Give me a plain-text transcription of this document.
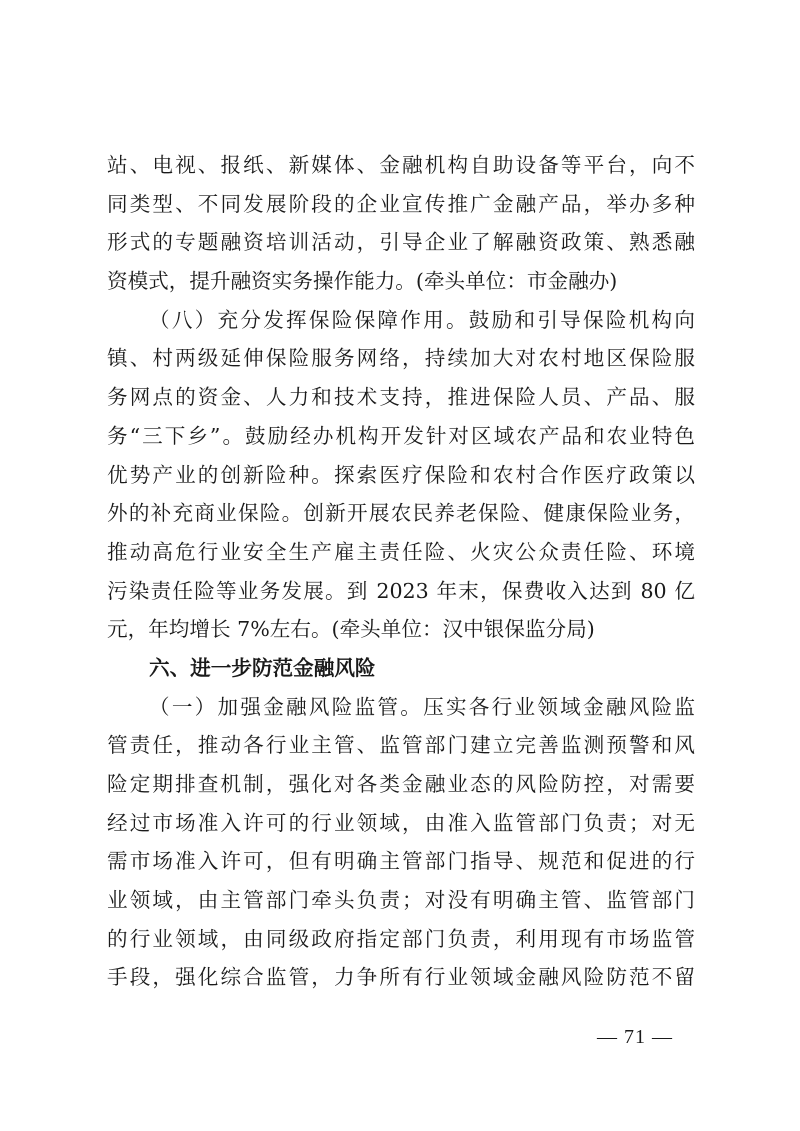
站、电视、报纸、新媒体、金融机构自助设备等平台，向不
同类型、不同发展阶段的企业宣传推广金融产品，举办多种
形式的专题融资培训活动，引导企业了解融资政策、熟悉融
资模式，提升融资实务操作能力。(牵头单位：市金融办)
（八）充分发挥保险保障作用。鼓励和引导保险机构向
镇、村两级延伸保险服务网络，持续加大对农村地区保险服
务网点的资金、人力和技术支持，推进保险人员、产品、服
务“三下乡”。鼓励经办机构开发针对区域农产品和农业特色
优势产业的创新险种。探索医疗保险和农村合作医疗政策以
外的补充商业保险。创新开展农民养老保险、健康保险业务，
推动高危行业安全生产雇主责任险、火灾公众责任险、环境
污染责任险等业务发展。到 2023 年末，保费收入达到 80 亿
元，年均增长 7%左右。(牵头单位：汉中银保监分局)
六、进一步防范金融风险
（一）加强金融风险监管。压实各行业领域金融风险监
管责任，推动各行业主管、监管部门建立完善监测预警和风
险定期排查机制，强化对各类金融业态的风险防控，对需要
经过市场准入许可的行业领域，由准入监管部门负责；对无
需市场准入许可，但有明确主管部门指导、规范和促进的行
业领域，由主管部门牵头负责；对没有明确主管、监管部门
的行业领域，由同级政府指定部门负责，利用现有市场监管
手段，强化综合监管，力争所有行业领域金融风险防范不留
— 71 —
